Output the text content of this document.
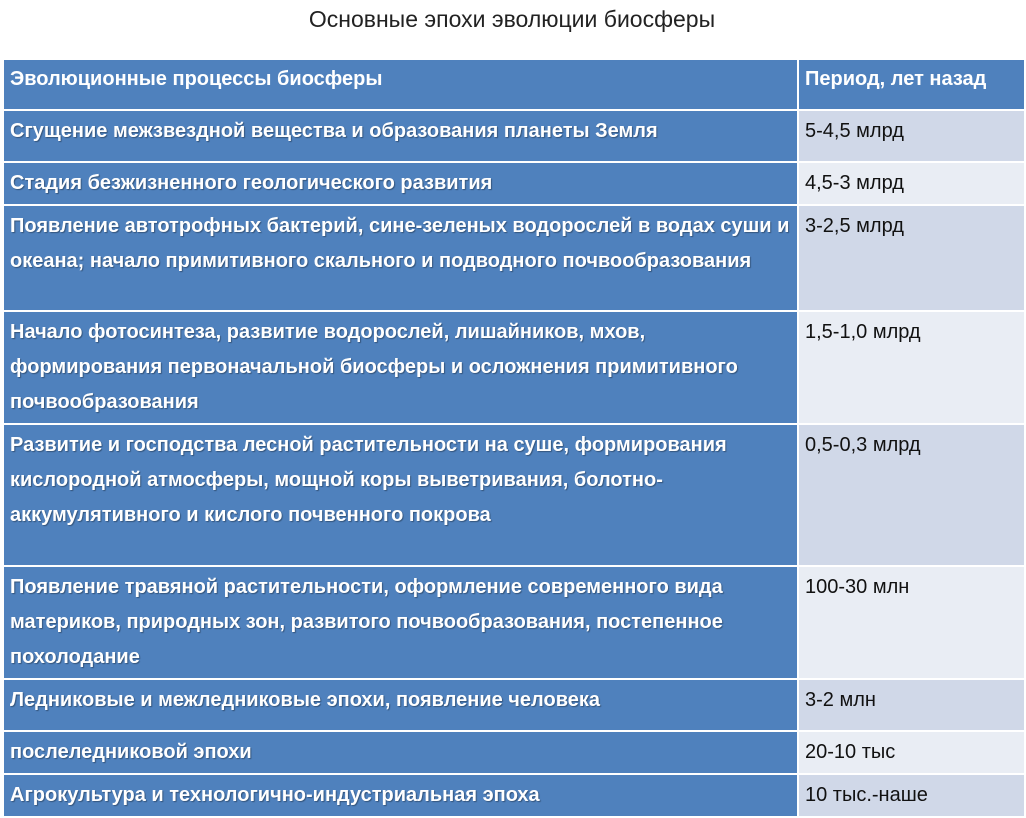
Основные эпохи эволюции биосферы
Эволюционные процессы биосферы	Период, лет назад
Сгущение межзвездной вещества и образования планеты Земля	5-4,5 млрд
Стадия безжизненного геологического развития	4,5-3 млрд
Появление автотрофных бактерий, сине-зеленых водорослей в водах суши и океана; начало примитивного скального и подводного почвообразования	3-2,5 млрд
Начало фотосинтеза, развитие водорослей, лишайников, мхов, формирования первоначальной биосферы и осложнения примитивного почвообразования	1,5-1,0 млрд
Развитие и господства лесной растительности на суше, формирования кислородной атмосферы, мощной коры выветривания, болотно-аккумулятивного и кислого почвенного покрова	0,5-0,3 млрд
Появление травяной растительности, оформление современного вида материков, природных зон, развитого почвообразования, постепенное похолодание	100-30 млн
Ледниковые и межледниковые эпохи, появление человека	3-2 млн
послеледниковой эпохи	20-10 тыс
Агрокультура и технологично-индустриальная эпоха	10 тыс.-наше
